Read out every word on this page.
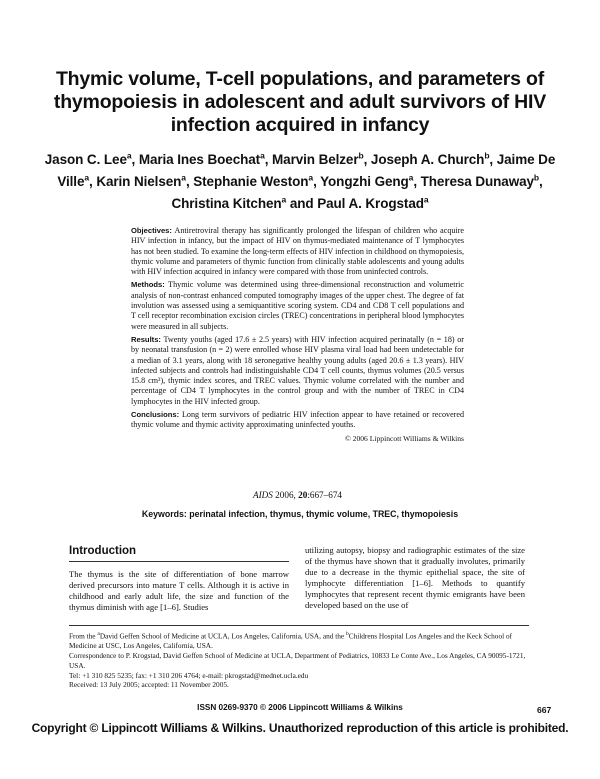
Thymic volume, T-cell populations, and parameters of thymopoiesis in adolescent and adult survivors of HIV infection acquired in infancy
Jason C. Lee$^a$, Maria Ines Boechat$^a$, Marvin Belzer$^b$, Joseph A. Church$^b$, Jaime De Ville$^a$, Karin Nielsen$^a$, Stephanie Weston$^a$, Yongzhi Geng$^a$, Theresa Dunaway$^b$, Christina Kitchen$^a$ and Paul A. Krogstad$^a$

Objectives: Antiretroviral therapy has significantly prolonged the lifespan of children who acquire HIV infection in infancy, but the impact of HIV on thymus-mediated maintenance of T lymphocytes has not been studied. To examine the long-term effects of HIV infection in childhood on thymopoiesis, thymic volume and parameters of thymic function from clinically stable adolescents and young adults with HIV infection acquired in infancy were compared with those from uninfected controls.

Methods: Thymic volume was determined using three-dimensional reconstruction and volumetric analysis of non-contrast enhanced computed tomography images of the upper chest. The degree of fat involution was assessed using a semiquantitive scoring system. CD4 and CD8 T cell populations and T cell receptor recombination excision circles (TREC) concentrations in peripheral blood lymphocytes were measured in all subjects.

Results: Twenty youths (aged 17.6 ± 2.5 years) with HIV infection acquired perinatally (n = 18) or by neonatal transfusion (n = 2) were enrolled whose HIV plasma viral load had been undetectable for a median of 3.1 years, along with 18 seronegative healthy young adults (aged 20.6 ± 1.3 years). HIV infected subjects and controls had indistinguishable CD4 T cell counts, thymus volumes (20.5 versus 15.8 cm³), thymic index scores, and TREC values. Thymic volume correlated with the number and percentage of CD4 T lymphocytes in the control group and with the number of TREC in CD4 lymphocytes in the HIV infected group.

Conclusions: Long term survivors of pediatric HIV infection appear to have retained or recovered thymic volume and thymic activity approximating uninfected youths.

© 2006 Lippincott Williams & Wilkins

AIDS 2006, 20:667–674
Keywords: perinatal infection, thymus, thymic volume, TREC, thymopoiesis
Introduction
The thymus is the site of differentiation of bone marrow derived precursors into mature T cells. Although it is active in childhood and early adult life, the size and function of the thymus diminish with age [1–6]. Studies
utilizing autopsy, biopsy and radiographic estimates of the size of the thymus have shown that it gradually involutes, primarily due to a decrease in the thymic epithelial space, the site of lymphocyte differentiation [1–6]. Methods to quantify lymphocytes that represent recent thymic emigrants have been developed based on the use of

From the $^a$David Geffen School of Medicine at UCLA, Los Angeles, California, USA, and the $^b$Childrens Hospital Los Angeles and the Keck School of Medicine at USC, Los Angeles, California, USA.

Correspondence to P. Krogstad, David Geffen School of Medicine at UCLA, Department of Pediatrics, 10833 Le Conte Ave., Los Angeles, CA 90095-1721, USA.

Tel: +1 310 825 5235; fax: +1 310 206 4764; e-mail: pkrogstad@mednet.ucla.edu

Received: 13 July 2005; accepted: 11 November 2005.

ISSN 0269-9370 © 2006 Lippincott Williams & Wilkins	667
Copyright © Lippincott Williams & Wilkins. Unauthorized reproduction of this article is prohibited.
